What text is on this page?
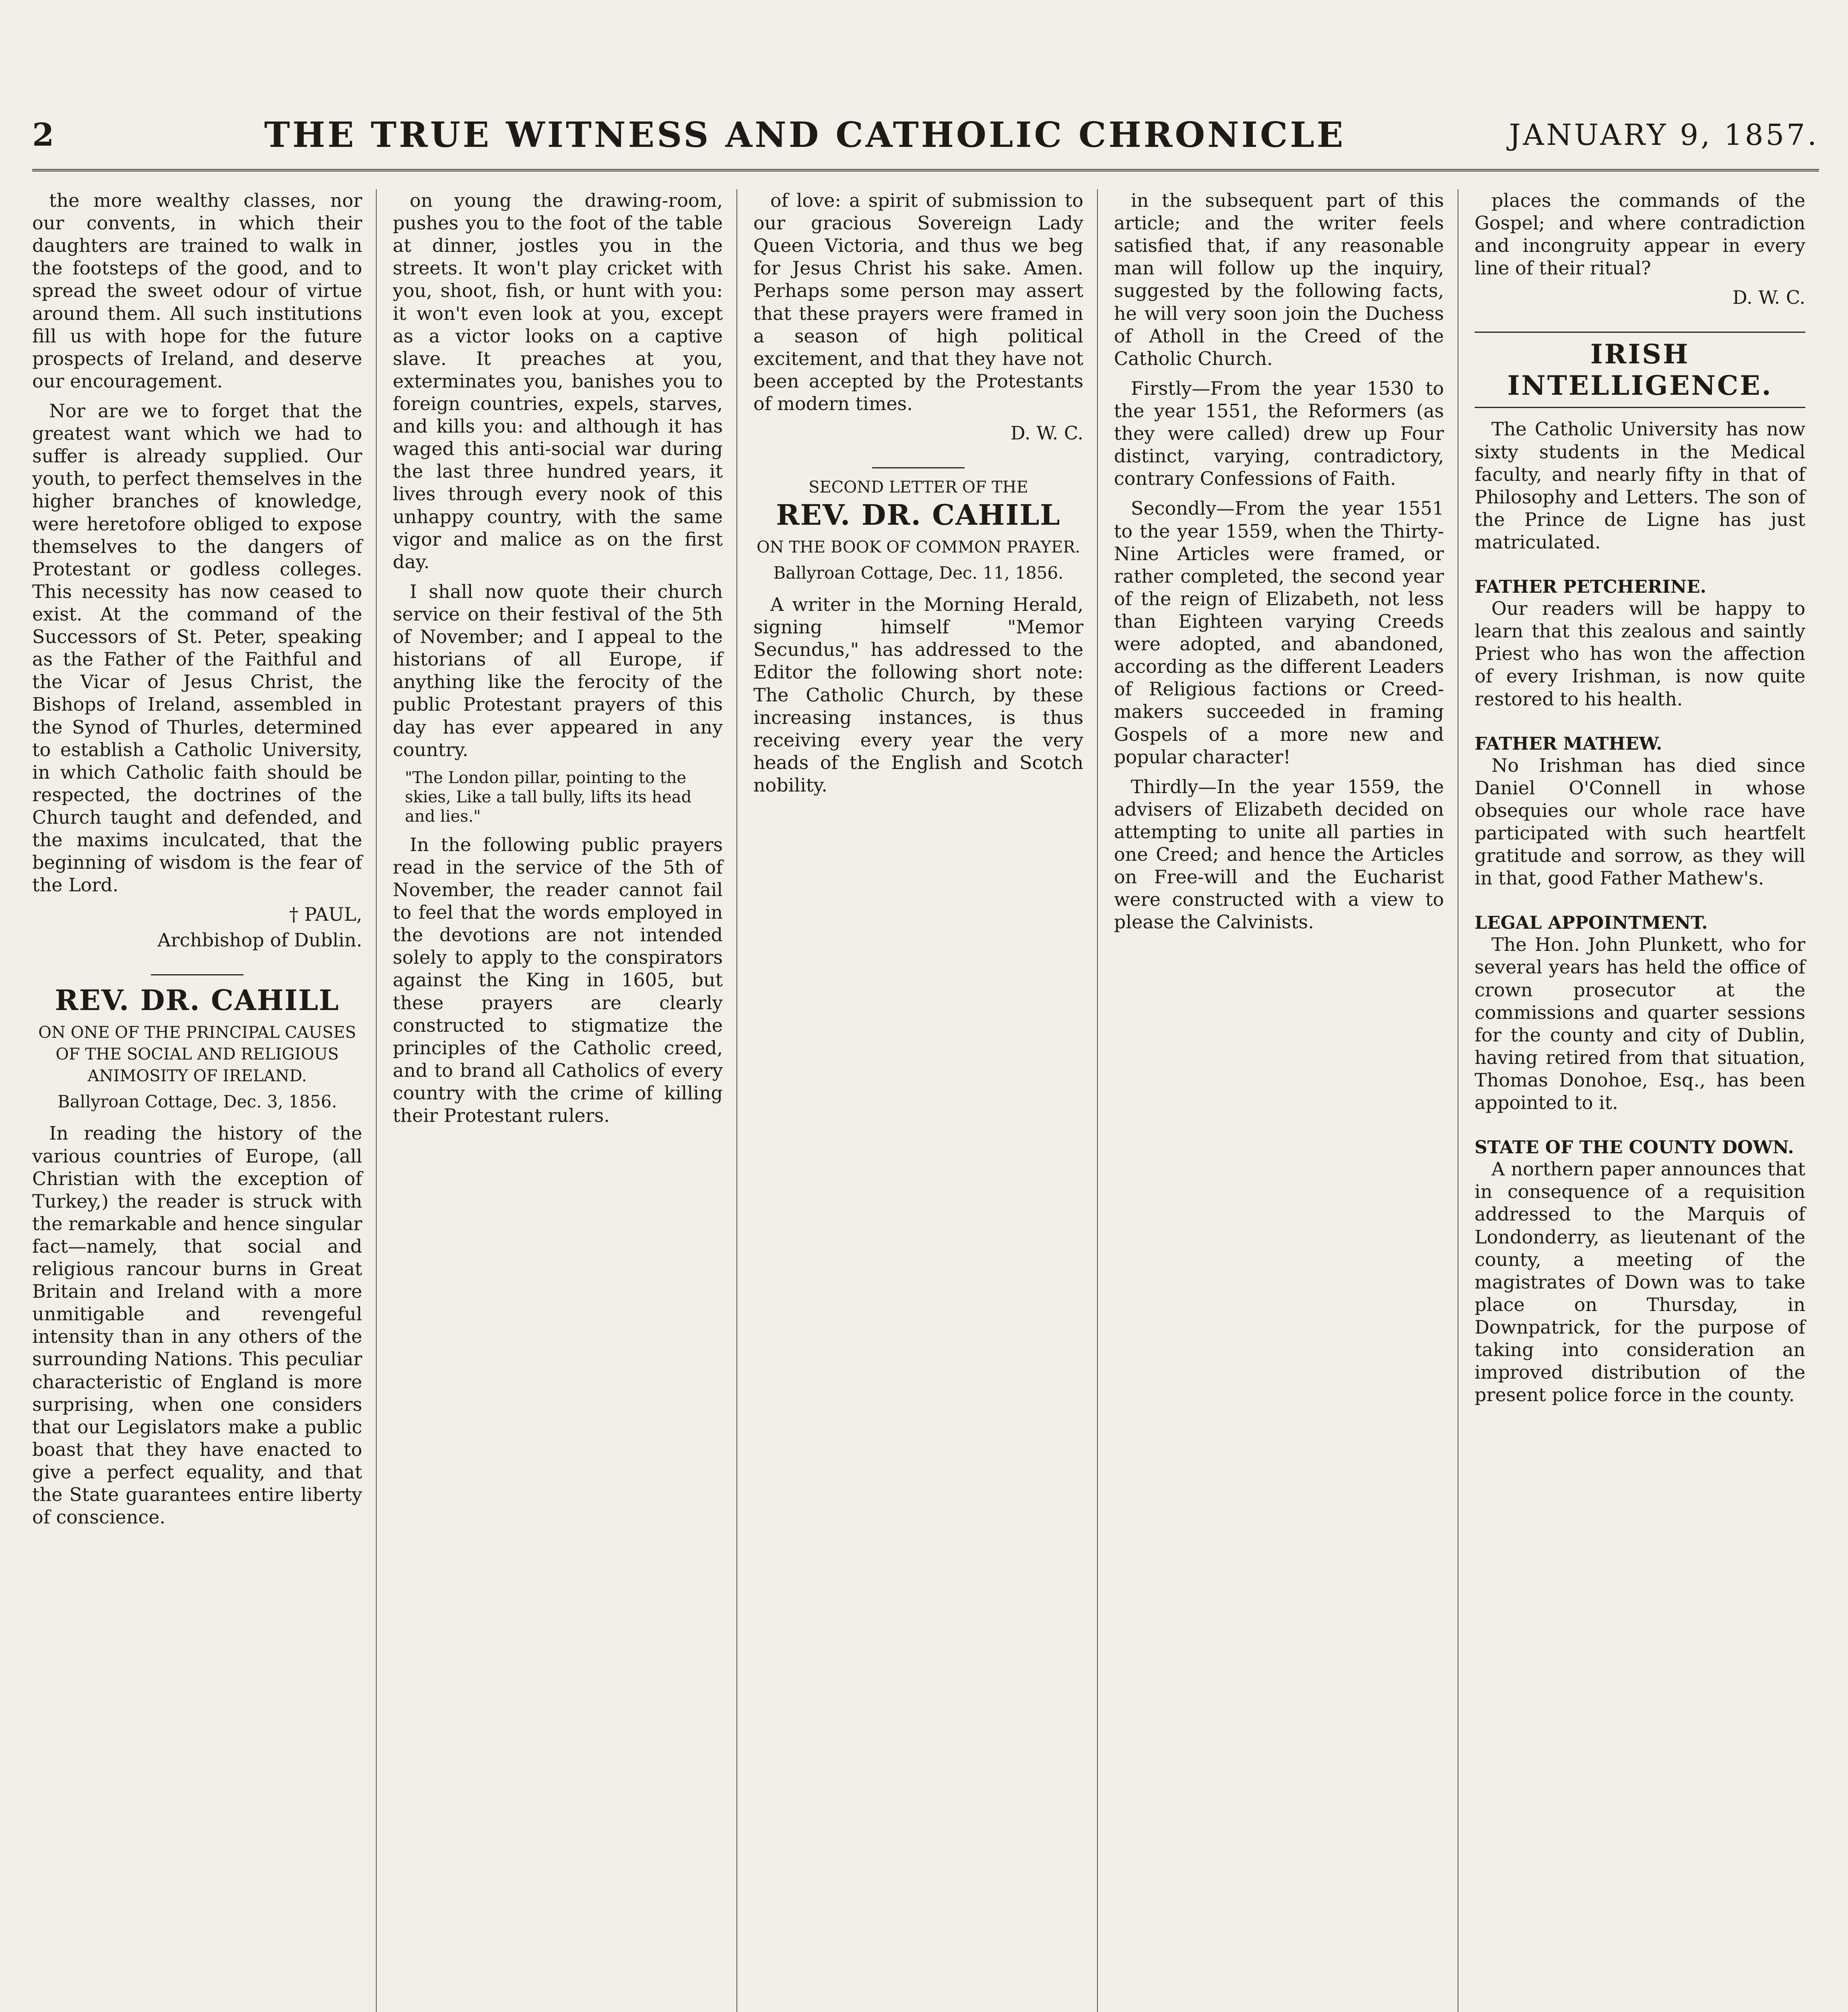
2	THE TRUE WITNESS AND CATHOLIC CHRONICLE	JANUARY 9, 1857.

the more wealthy classes, nor our convents, in which their daughters are trained to walk in the footsteps of the good, and to spread the sweet odour of virtue around them. All such institutions fill us with hope for the future prospects of Ireland, and deserve our encouragement.

Nor are we to forget that the greatest want which we had to suffer is already supplied. Our youth, to perfect themselves in the higher branches of knowledge, were heretofore obliged to expose themselves to the dangers of Protestant or godless colleges. This necessity has now ceased to exist. At the command of the Successors of St. Peter, speaking as the Father of the Faithful and the Vicar of Jesus Christ, the Bishops of Ireland, assembled in the Synod of Thurles, determined to establish a Catholic University, in which Catholic faith should be respected, the doctrines of the Church taught and defended, and the maxims inculcated, that the beginning of wisdom is the fear of the Lord.

† PAUL,
Archbishop of Dublin.
REV. DR. CAHILL
ON ONE OF THE PRINCIPAL CAUSES OF THE SOCIAL AND RELIGIOUS ANIMOSITY OF IRELAND.
Ballyroan Cottage, Dec. 3, 1856.

In reading the history of the various countries of Europe, (all Christian with the exception of Turkey,) the reader is struck with the remarkable and hence singular fact—namely, that social and religious rancour burns in Great Britain and Ireland with a more unmitigable and revengeful intensity than in any others of the surrounding Nations. This peculiar characteristic of England is more surprising, when one considers that our Legislators make a public boast that they have enacted to give a perfect equality, and that the State guarantees entire liberty of conscience.

on young the drawing-room, pushes you to the foot of the table at dinner, jostles you in the streets. It won't play cricket with you, shoot, fish, or hunt with you: it won't even look at you, except as a victor looks on a captive slave. It preaches at you, exterminates you, banishes you to foreign countries, expels, starves, and kills you: and although it has waged this anti-social war during the last three hundred years, it lives through every nook of this unhappy country, with the same vigor and malice as on the first day.

I shall now quote their church service on their festival of the 5th of November; and I appeal to the historians of all Europe, if anything like the ferocity of the public Protestant prayers of this day has ever appeared in any country.

"The London pillar, pointing to the skies, Like a tall bully, lifts its head and lies."

In the following public prayers read in the service of the 5th of November, the reader cannot fail to feel that the words employed in the devotions are not intended solely to apply to the conspirators against the King in 1605, but these prayers are clearly constructed to stigmatize the principles of the Catholic creed, and to brand all Catholics of every country with the crime of killing their Protestant rulers.

of love: a spirit of submission to our gracious Sovereign Lady Queen Victoria, and thus we beg for Jesus Christ his sake. Amen. Perhaps some person may assert that these prayers were framed in a season of high political excitement, and that they have not been accepted by the Protestants of modern times.

D. W. C.
SECOND LETTER OF THE
REV. DR. CAHILL
ON THE BOOK OF COMMON PRAYER.
Ballyroan Cottage, Dec. 11, 1856.

A writer in the Morning Herald, signing himself "Memor Secundus," has addressed to the Editor the following short note: The Catholic Church, by these increasing instances, is thus receiving every year the very heads of the English and Scotch nobility.

in the subsequent part of this article; and the writer feels satisfied that, if any reasonable man will follow up the inquiry, suggested by the following facts, he will very soon join the Duchess of Atholl in the Creed of the Catholic Church.

Firstly—From the year 1530 to the year 1551, the Reformers (as they were called) drew up Four distinct, varying, contradictory, contrary Confessions of Faith.

Secondly—From the year 1551 to the year 1559, when the Thirty-Nine Articles were framed, or rather completed, the second year of the reign of Elizabeth, not less than Eighteen varying Creeds were adopted, and abandoned, according as the different Leaders of Religious factions or Creed-makers succeeded in framing Gospels of a more new and popular character!

Thirdly—In the year 1559, the advisers of Elizabeth decided on attempting to unite all parties in one Creed; and hence the Articles on Free-will and the Eucharist were constructed with a view to please the Calvinists.

places the commands of the Gospel; and where contradiction and incongruity appear in every line of their ritual?

D. W. C.
IRISH INTELLIGENCE.

The Catholic University has now sixty students in the Medical faculty, and nearly fifty in that of Philosophy and Letters. The son of the Prince de Ligne has just matriculated.

FATHER PETCHERINE.

Our readers will be happy to learn that this zealous and saintly Priest who has won the affection of every Irishman, is now quite restored to his health.

FATHER MATHEW.

No Irishman has died since Daniel O'Connell in whose obsequies our whole race have participated with such heartfelt gratitude and sorrow, as they will in that, good Father Mathew's.

LEGAL APPOINTMENT.

The Hon. John Plunkett, who for several years has held the office of crown prosecutor at the commissions and quarter sessions for the county and city of Dublin, having retired from that situation, Thomas Donohoe, Esq., has been appointed to it.

STATE OF THE COUNTY DOWN.

A northern paper announces that in consequence of a requisition addressed to the Marquis of Londonderry, as lieutenant of the county, a meeting of the magistrates of Down was to take place on Thursday, in Downpatrick, for the purpose of taking into consideration an improved distribution of the present police force in the county.
